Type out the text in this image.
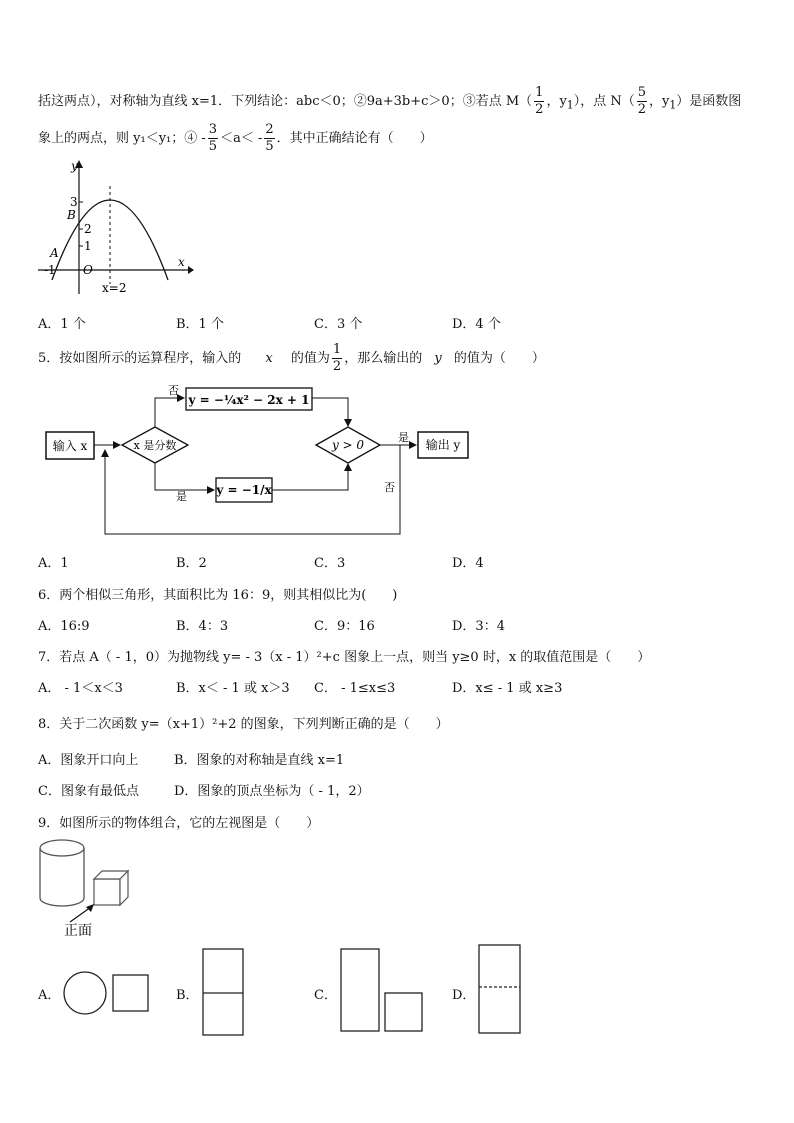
括这两点），对称轴为直线 x=1．下列结论：abc＜0；②9a+3b+c＞0；③若点 $M( \frac{1}{2}$ ，$y_1$），点 $N( \frac{5}{2}$ ，$y_1$）是函数图
象上的两点，则 y₁＜y₁；④ - $\frac{3}{5} <a< - \frac{2}{5}$ ．其中正确结论有（　　）
y
x
O
3
B
2
1
A
-1
x=2
A．1 个	B．1 个	C．3 个	D．4 个
5．按如图所示的运算程序，输入的 x 的值为 $\frac{1}{2}$ ，那么输出的 y 的值为（　　）
输入 x	x 是分数
否
y = −¼x² − 2x + 1
是 y = −1/x
y > 0
是
输出 y
否
A．1	B．2	C．3	D．4
6．两个相似三角形，其面积比为 16：9，则其相似比为(　　)
A．16:9	B．4：3	C．9：16	D．3：4
7．若点 A（ - 1，0）为抛物线 y= - 3（x - 1）²+c 图象上一点，则当 y≥0 时，x 的取值范围是（　　）
A． - 1＜x＜3	B．x＜ - 1 或 x＞3 C． - 1≤x≤3	D．x≤ - 1 或 x≥3
8．关于二次函数 y=（x+1）²+2 的图象，下列判断正确的是（　　）
A．图象开口向上	B．图象的对称轴是直线 x=1
C．图象有最低点	D．图象的顶点坐标为（ - 1，2）
9．如图所示的物体组合，它的左视图是（　　）
正面
A．	B．	C．	D．
